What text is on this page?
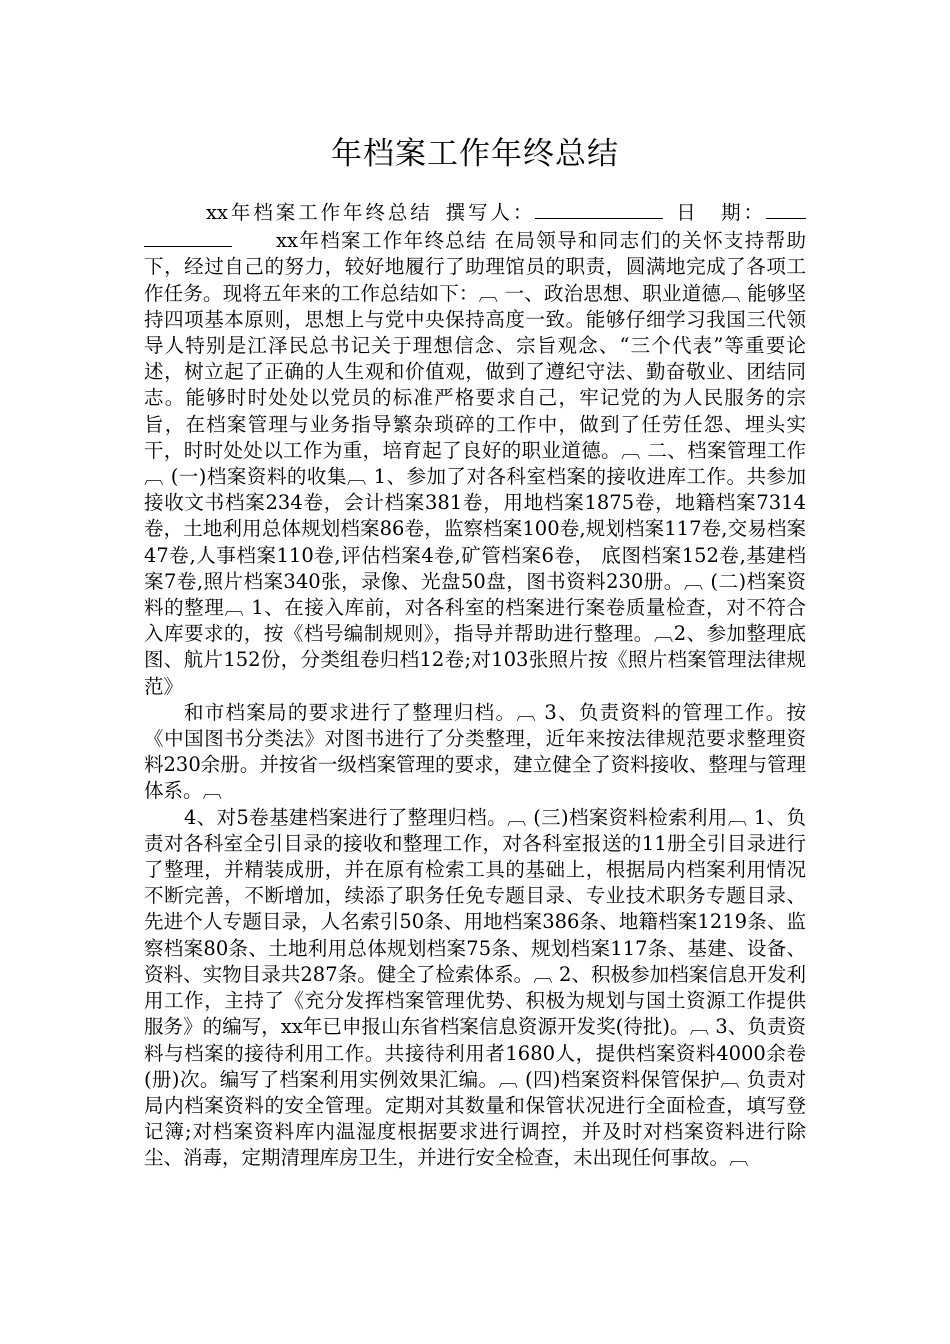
年档案工作年终总结

xx年档案工作年终总结 撰写人：	日　期：xx年档案工作年终总结 在局领导和同志们的关怀支持帮助下，经过自己的努力，较好地履行了助理馆员的职责，圆满地完成了各项工作任务。现将五年来的工作总结如下：︹ 一、政治思想、职业道德︹ 能够坚持四项基本原则，思想上与党中央保持高度一致。能够仔细学习我国三代领导人特别是江泽民总书记关于理想信念、宗旨观念、“三个代表”等重要论述，树立起了正确的人生观和价值观，做到了遵纪守法、勤奋敬业、团结同志。能够时时处处以党员的标准严格要求自己，牢记党的为人民服务的宗旨，在档案管理与业务指导繁杂琐碎的工作中，做到了任劳任怨、埋头实干，时时处处以工作为重，培育起了良好的职业道德。︹ 二、档案管理工作︹ (一)档案资料的收集︹ 1、参加了对各科室档案的接收进库工作。共参加接收文书档案234卷，会计档案381卷，用地档案1875卷，地籍档案7314卷，土地利用总体规划档案86卷，监察档案100卷,规划档案117卷,交易档案47卷,人事档案110卷,评估档案4卷,矿管档案6卷， 底图档案152卷,基建档案7卷,照片档案340张，录像、光盘50盘，图书资料230册。︹ (二)档案资料的整理︹ 1、在接入库前，对各科室的档案进行案卷质量检查，对不符合入库要求的，按《档号编制规则》，指导并帮助进行整理。︹2、参加整理底图、航片152份，分类组卷归档12卷;对103张照片按《照片档案管理法律规范》

和市档案局的要求进行了整理归档。︹ 3、负责资料的管理工作。按《中国图书分类法》对图书进行了分类整理，近年来按法律规范要求整理资料230余册。并按省一级档案管理的要求，建立健全了资料接收、整理与管理体系。︹

4、对5卷基建档案进行了整理归档。︹ (三)档案资料检索利用︹ 1、负责对各科室全引目录的接收和整理工作，对各科室报送的11册全引目录进行了整理，并精装成册，并在原有检索工具的基础上，根据局内档案利用情况不断完善，不断增加，续添了职务任免专题目录、专业技术职务专题目录、先进个人专题目录，人名索引50条、用地档案386条、地籍档案1219条、监察档案80条、土地利用总体规划档案75条、规划档案117条、基建、设备、资料、实物目录共287条。健全了检索体系。︹ 2、积极参加档案信息开发利用工作，主持了《充分发挥档案管理优势、积极为规划与国土资源工作提供服务》的编写，xx年已申报山东省档案信息资源开发奖(待批)。︹ 3、负责资料与档案的接待利用工作。共接待利用者1680人，提供档案资料4000余卷(册)次。编写了档案利用实例效果汇编。︹ (四)档案资料保管保护︹ 负责对局内档案资料的安全管理。定期对其数量和保管状况进行全面检查，填写登记簿;对档案资料库内温湿度根据要求进行调控，并及时对档案资料进行除尘、消毒，定期清理库房卫生，并进行安全检查，未出现任何事故。︹
